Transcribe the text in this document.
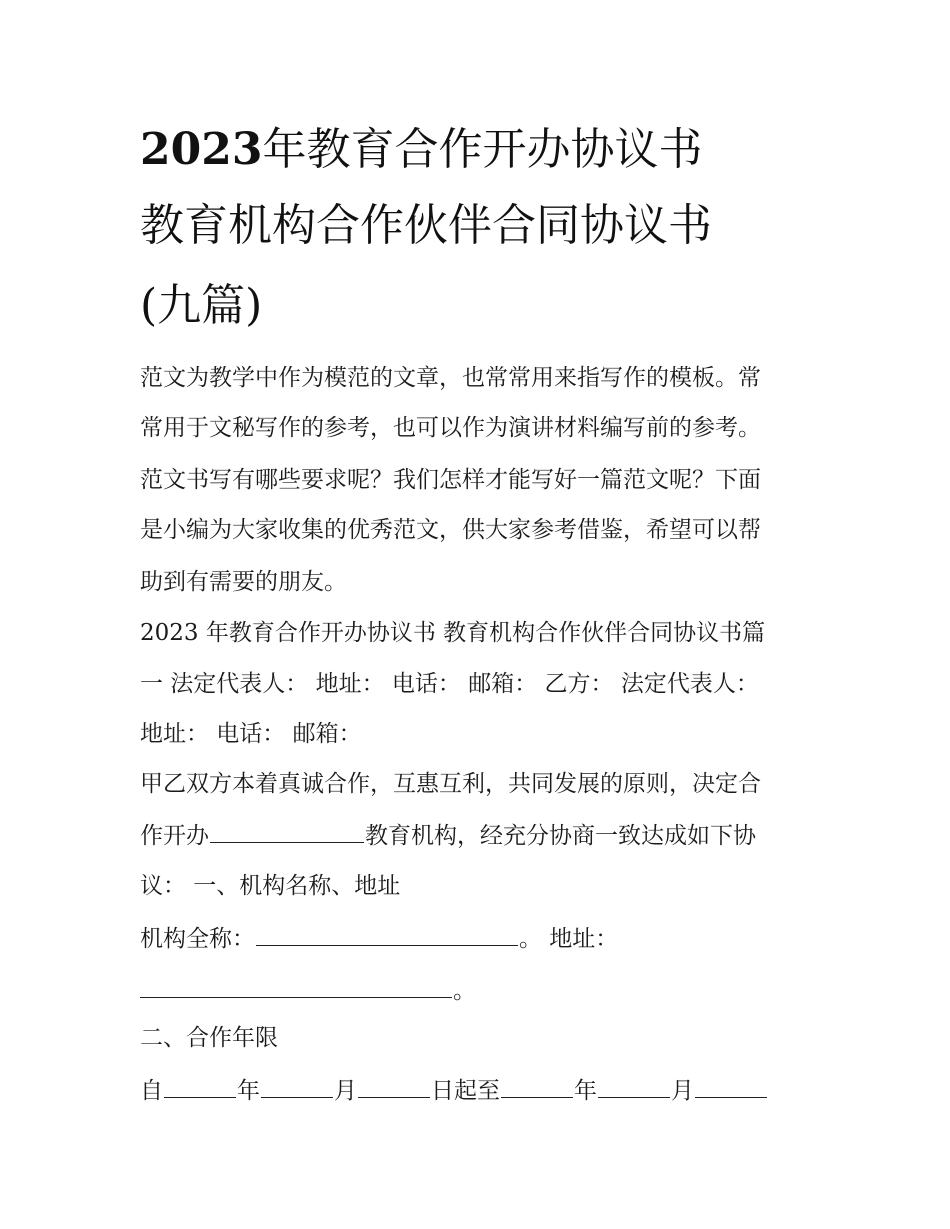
2023年教育合作开办协议书
教育机构合作伙伴合同协议书
(九篇)
范文为教学中作为模范的文章，也常常用来指写作的模板。常
常用于文秘写作的参考，也可以作为演讲材料编写前的参考。
范文书写有哪些要求呢？我们怎样才能写好一篇范文呢？下面
是小编为大家收集的优秀范文，供大家参考借鉴，希望可以帮
助到有需要的朋友。
2023 年教育合作开办协议书 教育机构合作伙伴合同协议书篇
一 法定代表人： 地址： 电话： 邮箱： 乙方： 法定代表人：
地址： 电话： 邮箱：
甲乙双方本着真诚合作，互惠互利，共同发展的原则，决定合
作开办	教育机构，经充分协商一致达成如下协
议： 一、机构名称、地址
机构全称：	。 地址：
。
二、合作年限
自	年	月	日起至	年	月
